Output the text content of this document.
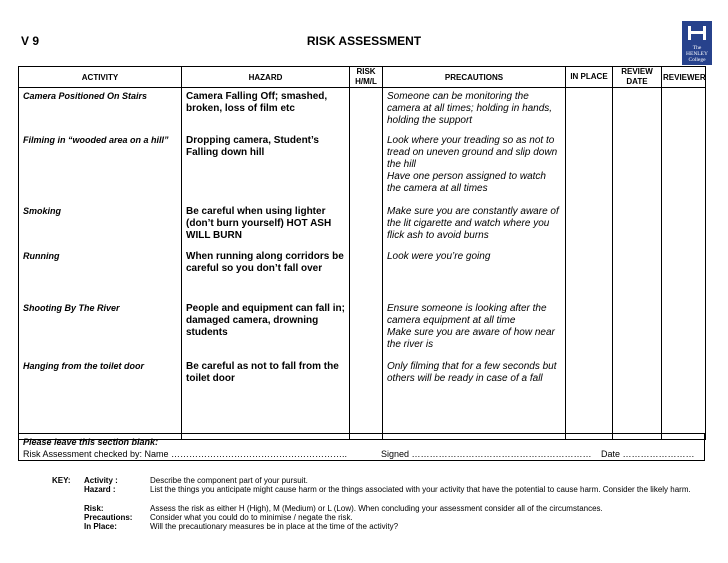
V 9	RISK ASSESSMENT	The
HENLEY
College
ACTIVITY	HAZARD	RISK H/M/L	PRECAUTIONS	IN PLACE	REVIEW DATE	REVIEWER
Camera Positioned On Stairs	Camera Falling Off; smashed, broken, loss of film etc		Someone can be monitoring the camera at all times; holding in hands, holding the support			
Filming in “wooded area on a hill”	Dropping camera, Student’s Falling down hill		Look where your treading so as not to tread on uneven ground and slip down the hill
Have one person assigned to watch the camera at all times			

Smoking	Be careful when using lighter (don’t burn yourself) HOT ASH WILL BURN		Make sure you are constantly aware of the lit cigarette and watch where you flick ash to avoid burns			
Running	When running along corridors be careful so you don’t fall over		Look were you’re going			
Shooting By The River	People and equipment can fall in; damaged camera, drowning students		Ensure someone is looking after the camera equipment at all time
Make sure you are aware of how near the river is			

Hanging from the toilet door	Be careful as not to fall from the toilet door		Only filming that for a few seconds but others will be ready in case of a fall			
Please leave this section blank:
Risk Assessment checked by: Name …………………………………………………..	Signed …………………………………………………… Date ……………………
KEY: Activity :	Describe the component part of your pursuit.
Hazard :	List the things you anticipate might cause harm or the things associated with your activity that have the potential to cause harm. Consider the likely harm.
Risk:	Assess the risk as either H (High), M (Medium) or L (Low). When concluding your assessment consider all of the circumstances.
Precautions: Consider what you could do to minimise / negate the risk.
In Place:	Will the precautionary measures be in place at the time of the activity?
